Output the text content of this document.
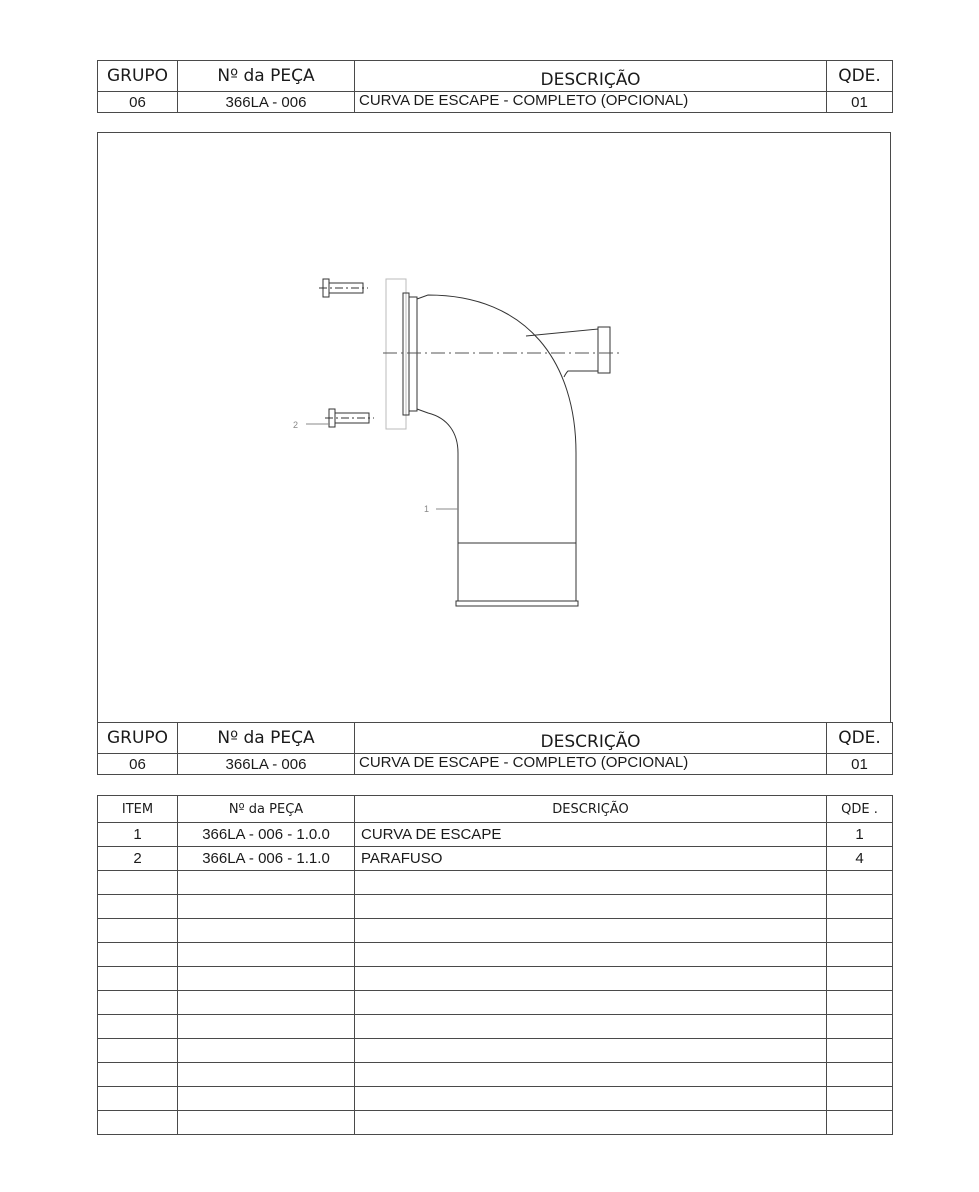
GRUPO	Nº da PEÇA	DESCRIÇÃO	QDE.
06	366LA - 006	CURVA DE ESCAPE - COMPLETO (OPCIONAL)	01
2
1
GRUPO	Nº da PEÇA	DESCRIÇÃO	QDE.
06	366LA - 006	CURVA DE ESCAPE - COMPLETO (OPCIONAL)	01
ITEM	Nº da PEÇA	DESCRIÇÃO	QDE .
1	366LA - 006 - 1.0.0	CURVA DE ESCAPE	1
2	366LA - 006 - 1.1.0	PARAFUSO	4
